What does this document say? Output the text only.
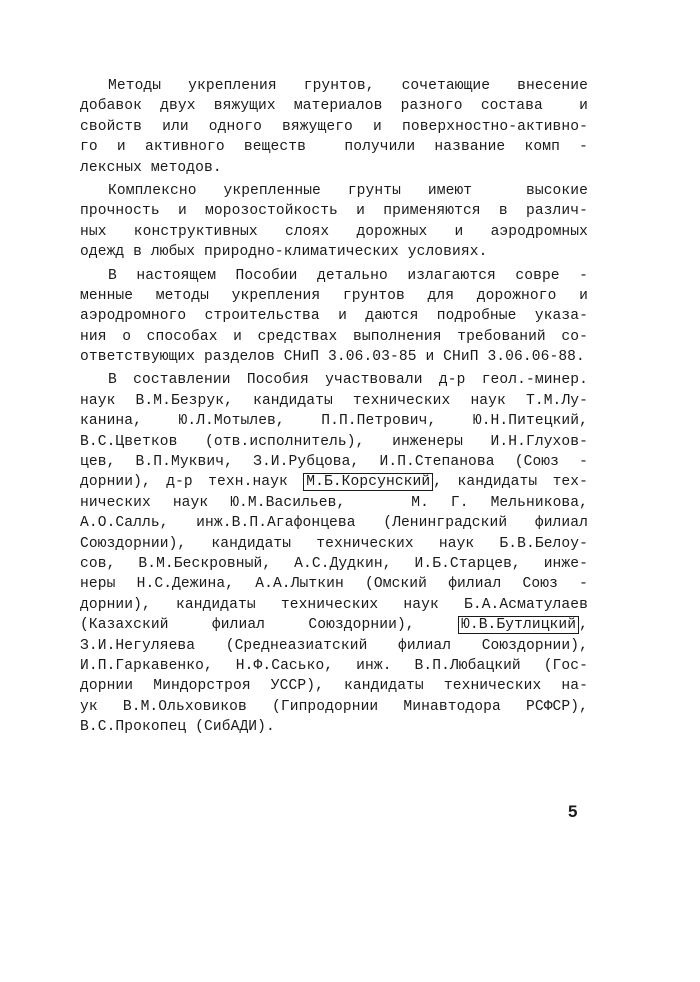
Методы укрепления грунтов, сочетающие внесение
добавок двух вяжущих материалов разного состава  и
свойств или одного вяжущего и поверхностно-активно-
го и активного веществ  получили название комп -
лексных методов.
Комплексно укрепленные грунты имеют  высокие
прочность и морозостойкость и применяются в различ-
ных конструктивных слоях дорожных и аэродромных
одежд в любых природно-климатических условиях.
В настоящем Пособии детально излагаются совре -
менные методы укрепления грунтов для дорожного и
аэродромного строительства и даются подробные указа-
ния о способах и средствах выполнения требований со-
ответствующих разделов СНиП 3.06.03-85 и СНиП 3.06.06-88.
В составлении Пособия участвовали д-р геол.-минер.
наук В.М.Безрук, кандидаты технических наук Т.М.Лу-
канина, Ю.Л.Мотылев, П.П.Петрович, Ю.Н.Питецкий,
В.С.Цветков (отв.исполнитель), инженеры И.Н.Глухов-
цев, В.П.Муквич, З.И.Рубцова, И.П.Степанова (Союз -
дорнии), д-р техн.наук М.Б.Корсунский , кандидаты тех-
нических наук Ю.М.Васильев,   М. Г. Мельникова,
А.О.Салль, инж.В.П.Агафонцева (Ленинградский филиал
Союздорнии), кандидаты технических наук Б.В.Белоу-
сов, В.М.Бескровный, А.С.Дудкин, И.Б.Старцев, инже-
неры Н.С.Дежина, А.А.Лыткин (Омский филиал Союз -
дорнии), кандидаты технических наук Б.А.Асматулаев
(Казахский филиал Союздорнии), Ю.В.Бутлицкий ,
З.И.Негуляева (Среднеазиатский филиал Союздорнии),
И.П.Гаркавенко, Н.Ф.Сасько, инж. В.П.Любацкий (Гос-
дорнии Миндорстроя УССР), кандидаты технических на-
ук В.М.Ольховиков (Гипродорнии Минавтодора РСФСР),
В.С.Прокопец (СибАДИ).
5
